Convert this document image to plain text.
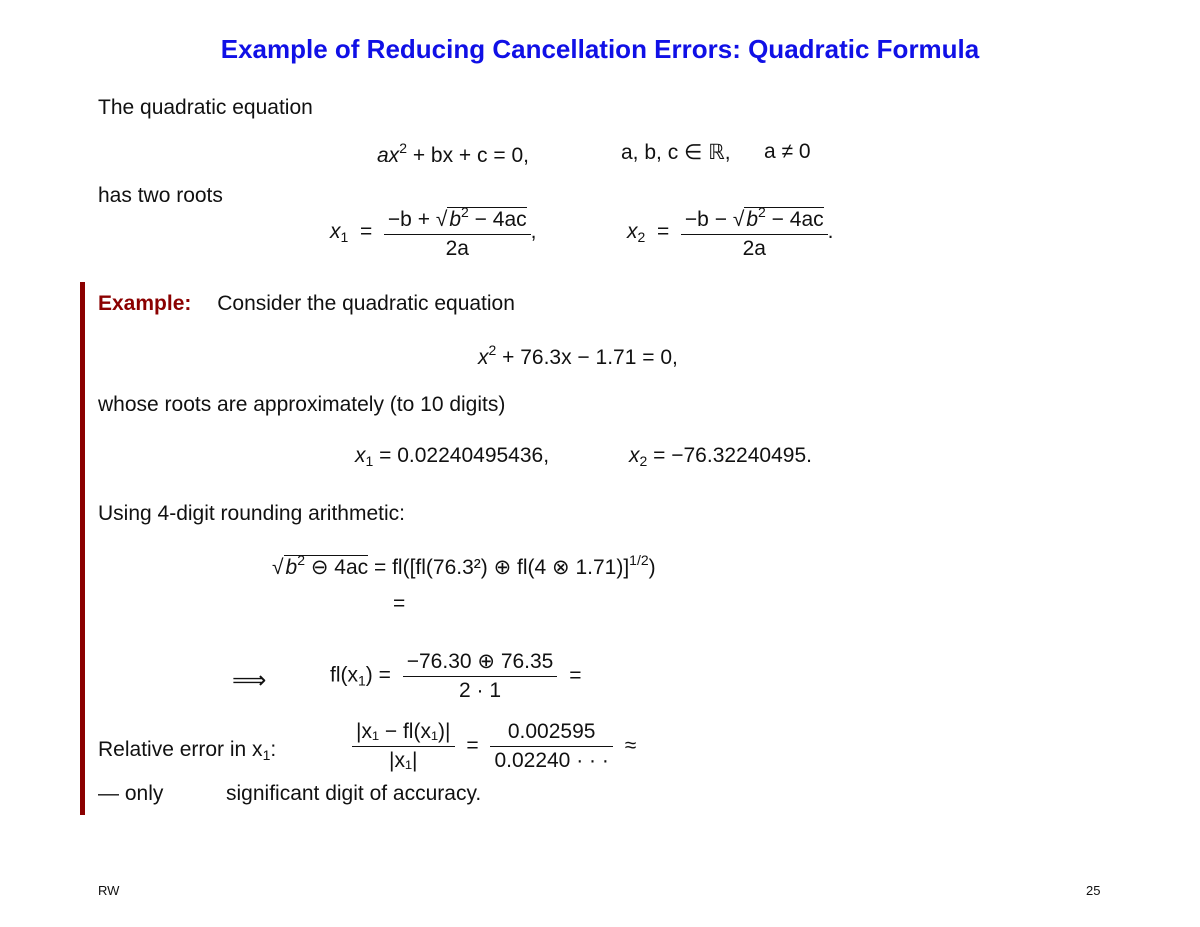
Example of Reducing Cancellation Errors: Quadratic Formula
The quadratic equation
$ax^2$ + bx + c = 0,	a, b, c ∈ ℝ, a ≠ 0
has two roots
$x_1 = \frac{-b + √b^2 - 4ac}{2a}$ ,	$x_2 = \frac{-b - √b^2 - 4ac}{2a}$ .
Example: Consider the quadratic equation
$x^2 + 76.3x - 1.71 = 0$,
whose roots are approximately (to 10 digits)
$x_1 = 0.02240495436$,	$x_2 = -76.32240495$.
Using 4-digit rounding arithmetic:
$√b^2$ ⊖ 4ac = fl([fl(76.3²) ⊕ fl(4 ⊗ 1.71)]$^{1/2}$)
=
⟹	$fl(x_1) = \frac{-76.30 \oplus 76.35}{2 \cdot 1}$ =
Relative error in $x_1$:	$\frac{\text{|x₁ − fl(x₁)|}}{\text{|x₁|}} = \frac{0.002595}{0.02240 \cdot \cdot \cdot}$ ≈
— only	significant digit of accuracy.
RW	25
